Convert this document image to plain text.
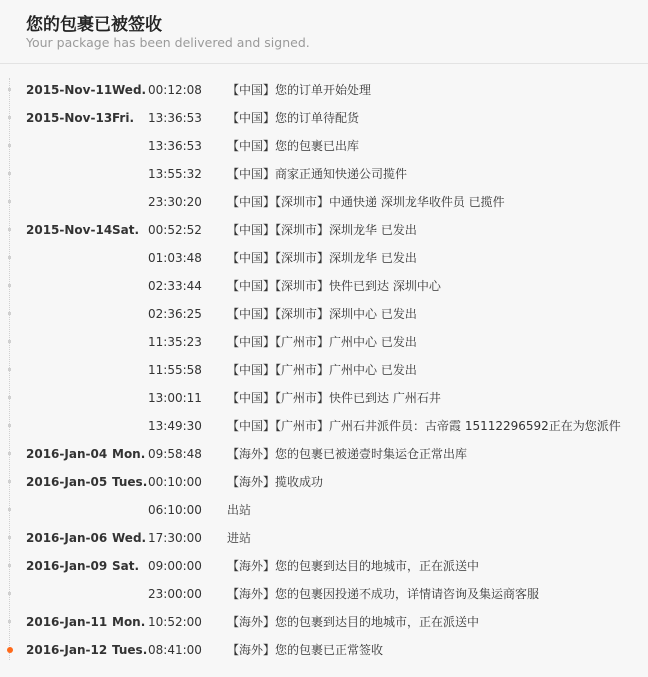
您的包裹已被签收
Your package has been delivered and signed.
2015-Nov-11 Wed. 00:12:08 【中国】您的订单开始处理
2015-Nov-13 Fri. 13:36:53 【中国】您的订单待配货
13:36:53 【中国】您的包裹已出库
13:55:32 【中国】商家正通知快递公司揽件
23:30:20 【中国】【深圳市】中通快递 深圳龙华收件员 已揽件
2015-Nov-14 Sat. 00:52:52 【中国】【深圳市】深圳龙华 已发出
01:03:48 【中国】【深圳市】深圳龙华 已发出
02:33:44 【中国】【深圳市】快件已到达 深圳中心
02:36:25 【中国】【深圳市】深圳中心 已发出
11:35:23 【中国】【广州市】广州中心 已发出
11:55:58 【中国】【广州市】广州中心 已发出
13:00:11 【中国】【广州市】快件已到达 广州石井
13:49:30 【中国】【广州市】广州石井派件员：古帝霞 15112296592正在为您派件
2016-Jan-04 Mon. 09:58:48 【海外】您的包裹已被递壹时集运仓正常出库
2016-Jan-05 Tues. 00:10:00 【海外】揽收成功
06:10:00 出站
2016-Jan-06 Wed. 17:30:00 进站
2016-Jan-09 Sat. 09:00:00 【海外】您的包裹到达目的地城市，正在派送中
23:00:00 【海外】您的包裹因投递不成功，详情请咨询及集运商客服
2016-Jan-11 Mon. 10:52:00 【海外】您的包裹到达目的地城市，正在派送中
2016-Jan-12 Tues. 08:41:00 【海外】您的包裹已正常签收
